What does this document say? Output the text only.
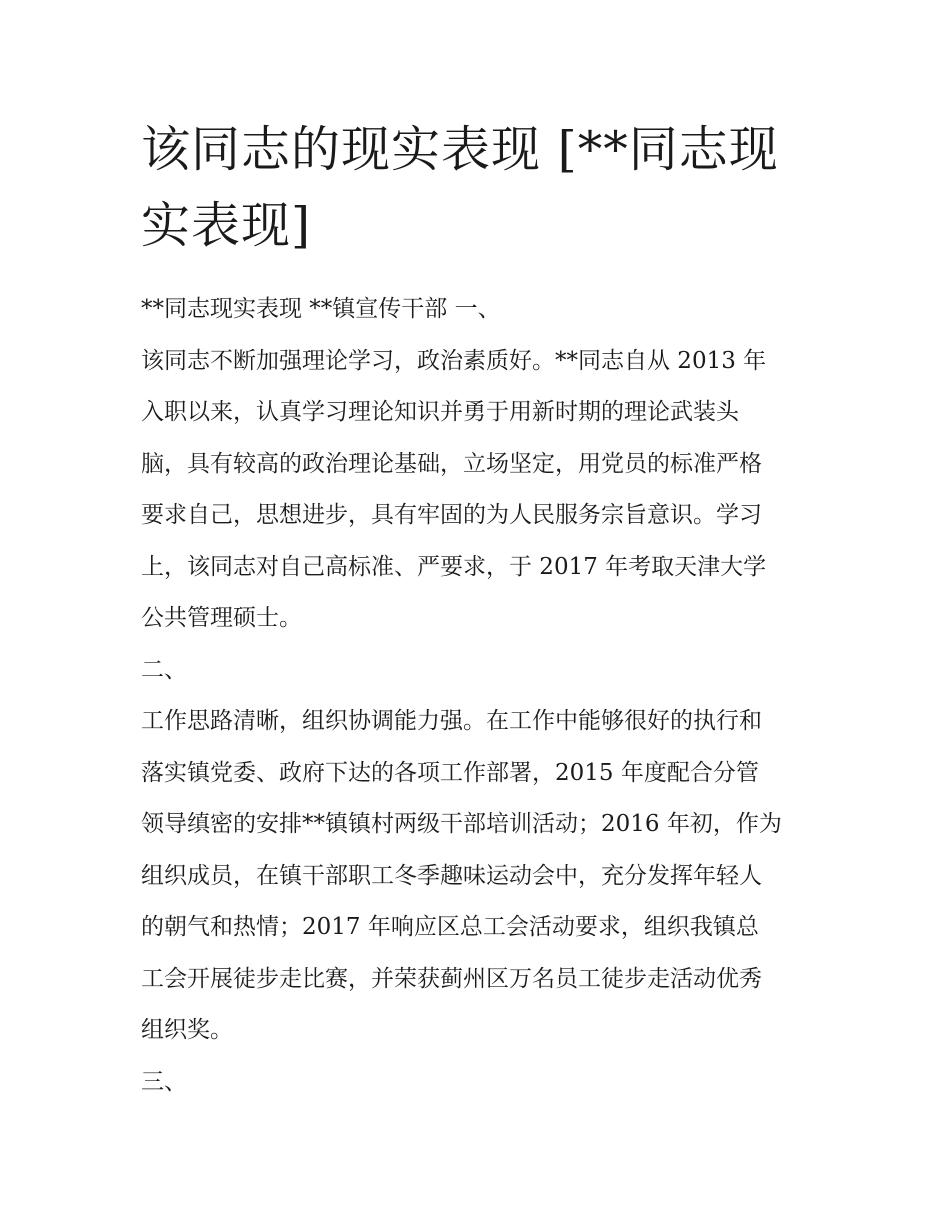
该同志的现实表现 [**同志现
实表现]
**同志现实表现 **镇宣传干部 一、
该同志不断加强理论学习，政治素质好。**同志自从 2013 年
入职以来，认真学习理论知识并勇于用新时期的理论武装头
脑，具有较高的政治理论基础，立场坚定，用党员的标准严格
要求自己，思想进步，具有牢固的为人民服务宗旨意识。学习
上，该同志对自己高标准、严要求，于 2017 年考取天津大学
公共管理硕士。
二、
工作思路清晰，组织协调能力强。在工作中能够很好的执行和
落实镇党委、政府下达的各项工作部署，2015 年度配合分管
领导缜密的安排**镇镇村两级干部培训活动；2016 年初，作为
组织成员，在镇干部职工冬季趣味运动会中，充分发挥年轻人
的朝气和热情；2017 年响应区总工会活动要求，组织我镇总
工会开展徒步走比赛，并荣获蓟州区万名员工徒步走活动优秀
组织奖。
三、
